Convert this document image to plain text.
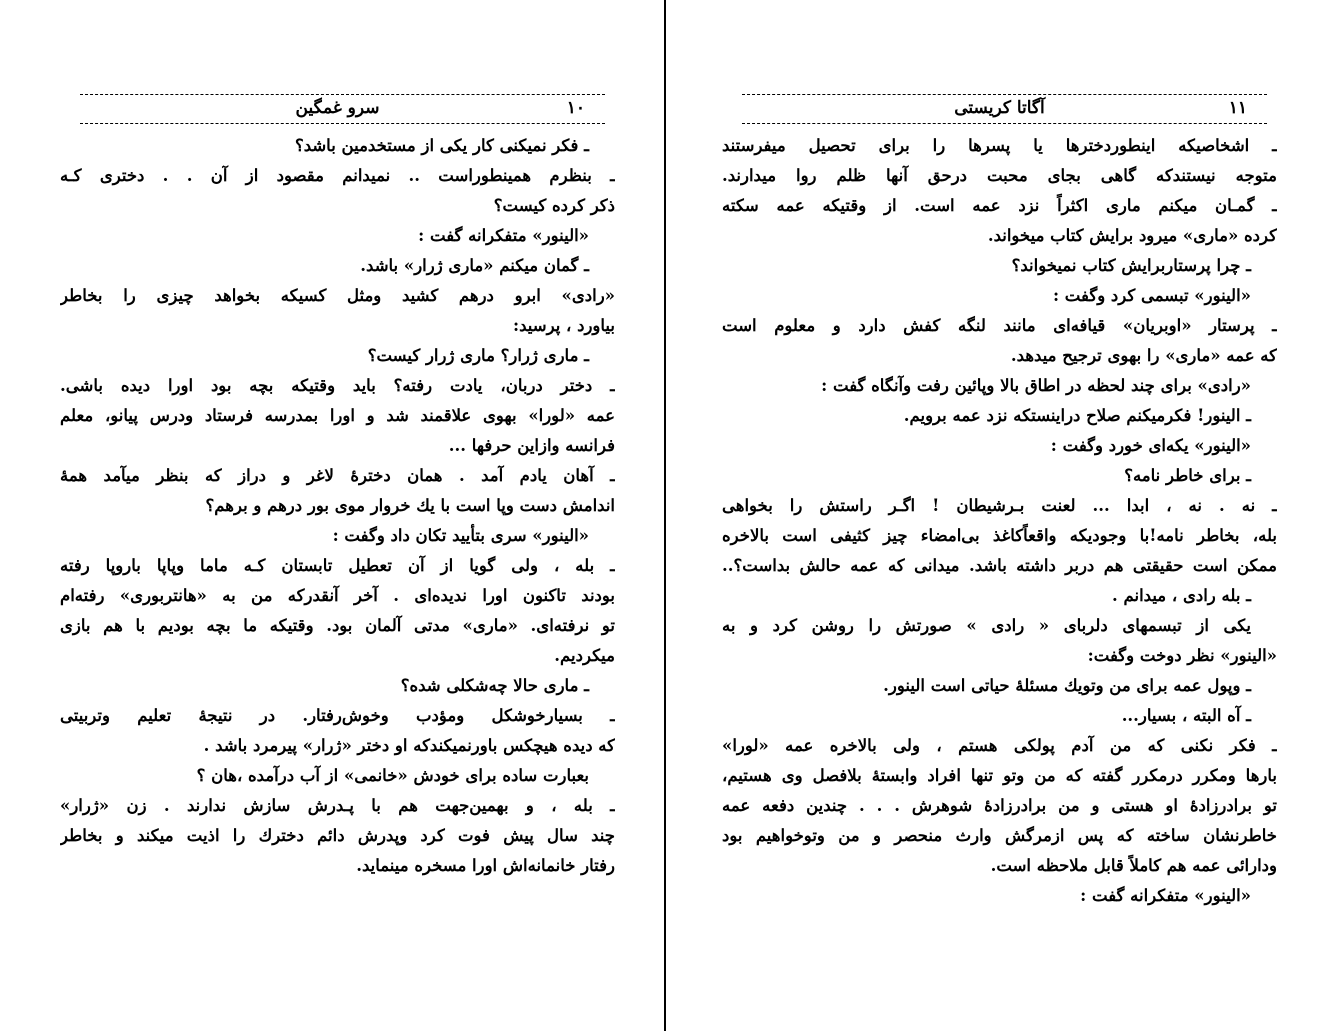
۱۰
سرو غمگین
ـ فکر نمیکنی کار یکی از مستخدمین باشد؟
ـ بنظرم همینطوراست .. نمیدانم مقصود از آن . . دختری کـه
ذکر کرده کیست؟
«الینور» متفکرانه گفت :
ـ گمان میکنم «ماری ژرار» باشد.
«رادی» ابرو درهم کشید ومثل کسیکه بخواهد چیزی را بخاطر
بیاورد ، پرسید:
ـ ماری ژرار؟ ماری ژرار کیست؟
ـ دختر دربان، یادت رفته؟ باید وقتیکه بچه بود اورا دیده باشی.
عمه «لورا» بهوی علاقمند شد و اورا بمدرسه فرستاد ودرس پیانو، معلم
فرانسه وازاین حرفها ...
ـ آهان یادم آمد . همان دخترهٔ لاغر و دراز که بنظر میآمد همهٔ
اندامش دست وپا است با یك خروار موی بور درهم و برهم؟
«الینور» سری بتأیید تکان داد وگفت :
ـ بله ، ولی گویا از آن تعطیل تابستان کـه ماما وپاپا باروپا رفته
بودند تاکنون اورا ندیده‌ای . آخر آنقدرکه من به «هانتربوری» رفته‌ام
تو نرفته‌ای. «ماری» مدتی آلمان بود. وقتیکه ما بچه بودیم با هم بازی
میکردیم.
ـ ماری حالا چه‌شکلی شده؟
ـ بسیارخوشکل ومؤدب وخوش‌رفتار. در نتیجهٔ تعلیم وتربیتی
که دیده هیچکس باورنمیکندکه او دختر «ژرار» پیرمرد باشد .
بعبارت ساده برای خودش «خانمی» از آب درآمده ،هان ؟
ـ بله ، و بهمین‌جهت هم با پـدرش سازش ندارند . زن «ژرار»
چند سال پیش فوت کرد وپدرش دائم دخترك را اذیت میکند و بخاطر
رفتار خانمانه‌اش اورا مسخره مینماید.
۱۱
آگاتا کریستی
ـ اشخاصیکه اینطوردخترها یا پسرها را برای تحصیل میفرستند
متوجه نیستندکه گاهی بجای محبت درحق آنها ظلم روا میدارند.
ـ گمـان میکنم ماری اکثراً نزد عمه است. از وقتیکه عمه سکته
کرده «ماری» میرود برایش کتاب میخواند.
ـ چرا پرستاربرایش کتاب نمیخواند؟
«الینور» تبسمی کرد وگفت :
ـ پرستار «اوبریان» قیافه‌ای مانند لنگه کفش دارد و معلوم است
که عمه «ماری» را بهوی ترجیح میدهد.
«رادی» برای چند لحظه در اطاق بالا وپائین رفت وآنگاه گفت :
ـ الینور! فکرمیکنم صلاح دراینستکه نزد عمه برویم.
«الینور» یکه‌ای خورد وگفت :
ـ برای خاطر نامه؟
ـ نه . نه ، ابدا ... لعنت بـرشیطان ! اگـر راستش را بخواهی
بله، بخاطر نامه!با وجودیکه واقعاًکاغذ بی‌امضاء چیز کثیفی است بالاخره
ممکن است حقیقتی هم دربر داشته باشد. میدانی که عمه حالش بداست؟..
ـ بله رادی ، میدانم .
یکی از تبسمهای دلربای « رادی » صورتش را روشن کرد و به
«الینور» نظر دوخت وگفت:
ـ وپول عمه برای من وتویك مسئلهٔ حیاتی است الینور.
ـ آه البته ، بسیار...
ـ فکر نکنی که من آدم پولکی هستم ، ولی بالاخره عمه «لورا»
بارها ومکرر درمکرر گفته که من وتو تنها افراد وابستهٔ بلافصل وی هستیم،
تو برادرزادهٔ او هستی و من برادرزادهٔ شوهرش . . . چندین دفعه عمه
خاطرنشان ساخته که پس ازمرگش وارث منحصر و من وتوخواهیم بود
ودارائی عمه هم کاملاً قابل ملاحظه است.
«الینور» متفکرانه گفت :
